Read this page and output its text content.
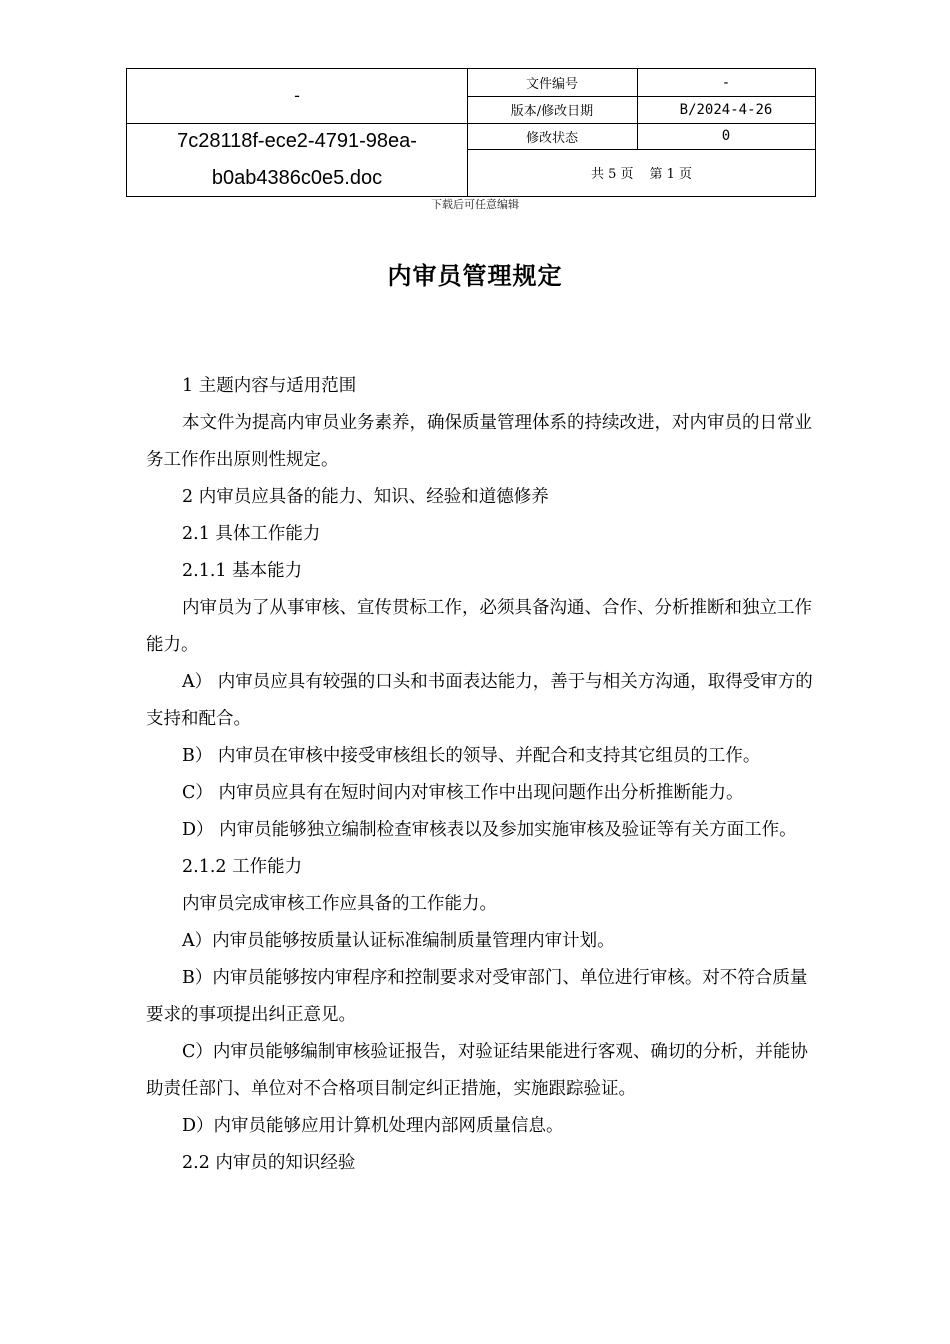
-
7c28118f-ece2-4791-98ea-
b0ab4386c0e5.doc
文件编号	-
版本/修改日期	B/2024-4-26
修改状态	0
共 5 页 第 1 页
下载后可任意编辑
内审员管理规定

1 主题内容与适用范围

本文件为提高内审员业务素养，确保质量管理体系的持续改进，对内审员的日常业务工作作出原则性规定。

2 内审员应具备的能力、知识、经验和道德修养

2.1 具体工作能力

2.1.1 基本能力

内审员为了从事审核、宣传贯标工作，必须具备沟通、合作、分析推断和独立工作能力。

A） 内审员应具有较强的口头和书面表达能力，善于与相关方沟通，取得受审方的支持和配合。

B） 内审员在审核中接受审核组长的领导、并配合和支持其它组员的工作。

C） 内审员应具有在短时间内对审核工作中出现问题作出分析推断能力。

D） 内审员能够独立编制检查审核表以及参加实施审核及验证等有关方面工作。

2.1.2 工作能力

内审员完成审核工作应具备的工作能力。

A）内审员能够按质量认证标准编制质量管理内审计划。

B）内审员能够按内审程序和控制要求对受审部门、单位进行审核。对不符合质量要求的事项提出纠正意见。

C）内审员能够编制审核验证报告，对验证结果能进行客观、确切的分析，并能协助责任部门、单位对不合格项目制定纠正措施，实施跟踪验证。

D）内审员能够应用计算机处理内部网质量信息。

2.2 内审员的知识经验
